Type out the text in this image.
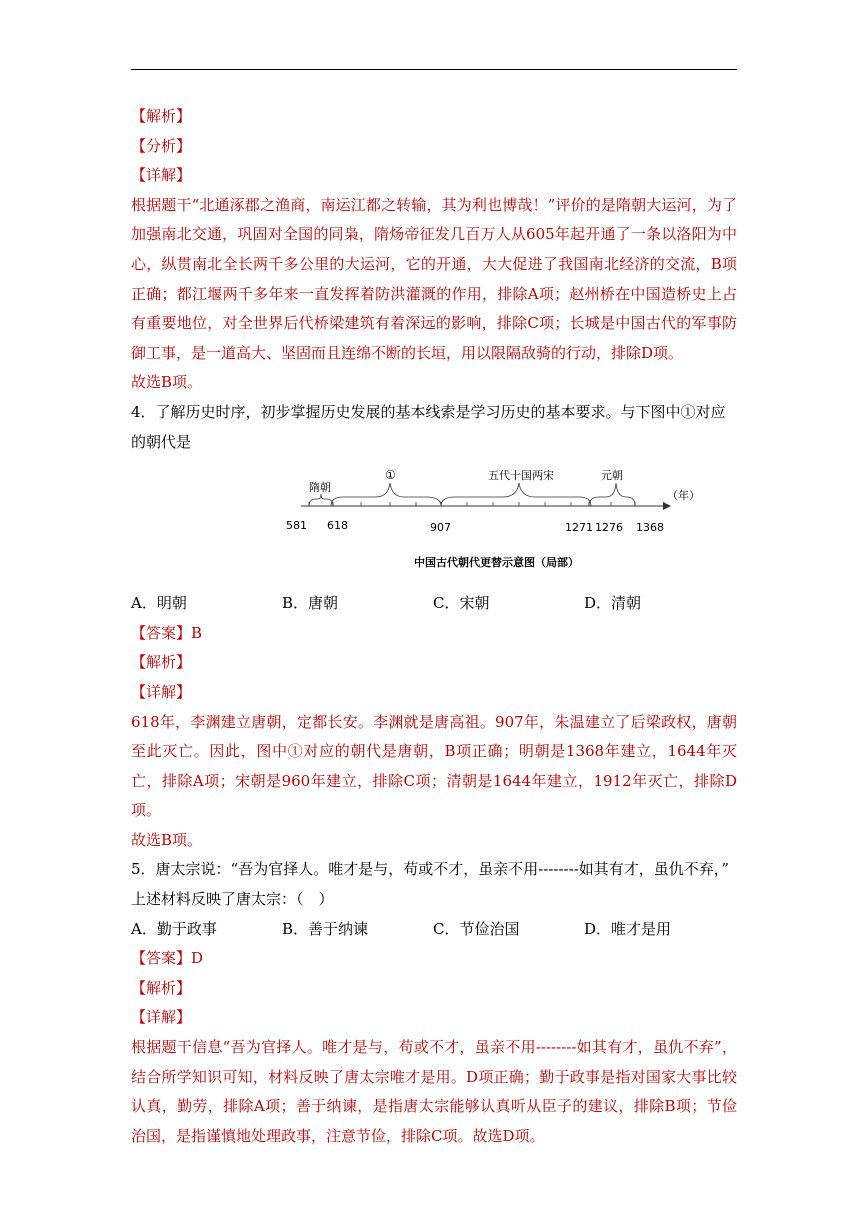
【解析】
【分析】
【详解】
根据题干“北通涿郡之渔商，南运江都之转输，其为利也博哉！”评价的是隋朝大运河，为了加强南北交通，巩固对全国的同枭，隋炀帝征发几百万人从605年起开通了一条以洛阳为中心，纵贯南北全长两千多公里的大运河，它的开通，大大促进了我国南北经济的交流，B项正确；都江堰两千多年来一直发挥着防洪灌溉的作用，排除A项；赵州桥在中国造桥史上占有重要地位，对全世界后代桥梁建筑有着深远的影响，排除C项；长城是中国古代的军事防御工事，是一道高大、坚固而且连绵不断的长垣，用以限隔敌骑的行动，排除D项。
故选B项。
4．了解历史时序，初步掌握历史发展的基本线索是学习历史的基本要求。与下图中①对应
的朝代是
隋朝
①	五代十国两宋	元朝
（年）
581 618	907	1271 1276 1368
中国古代朝代更替示意图（局部）
A．明朝	B．唐朝	C．宋朝	D．清朝
【答案】B
【解析】
【详解】
618年，李渊建立唐朝，定都长安。李渊就是唐高祖。907年，朱温建立了后梁政权，唐朝至此灭亡。因此，图中①对应的朝代是唐朝，B项正确；明朝是1368年建立，1644年灭亡，排除A项；宋朝是960年建立，排除C项；清朝是1644年建立，1912年灭亡，排除D项。
故选B项。
5．唐太宗说：“吾为官择人。唯才是与，苟或不才，虽亲不用--------如其有才，虽仇不弃，”
上述材料反映了唐太宗：（　）
A．勤于政事	B．善于纳谏	C．节俭治国	D．唯才是用
【答案】D
【解析】
【详解】
根据题干信息“吾为官择人。唯才是与，苟或不才，虽亲不用--------如其有才，虽仇不弃”，结合所学知识可知，材料反映了唐太宗唯才是用。D项正确；勤于政事是指对国家大事比较认真，勤劳，排除A项；善于纳谏，是指唐太宗能够认真听从臣子的建议，排除B项；节俭治国，是指谨慎地处理政事，注意节俭，排除C项。故选D项。
